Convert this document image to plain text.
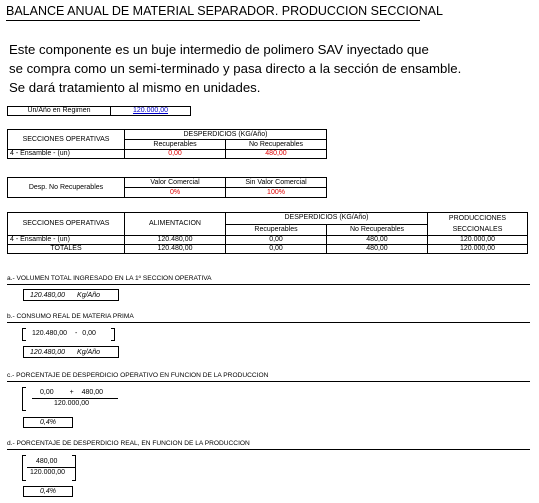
BALANCE ANUAL DE MATERIAL SEPARADOR. PRODUCCION SECCIONAL
Este componente es un buje intermedio de polimero SAV inyectado que
se compra como un semi-terminado y pasa directo a la sección de ensamble.
Se dará tratamiento al mismo en unidades.
Un/Año en Regimen	120.000,00
SECCIONES OPERATIVAS	DESPERDICIOS (KG/Año)	
	Recuperables	No Recuperables
4 - Ensamble - (un)	0,00	480,00
Desp. No Recuperables	Valor Comercial	Sin Valor Comercial
	0%	100%
SECCIONES OPERATIVAS	ALIMENTACION	DESPERDICIOS (KG/Año)		PRODUCCIONES
SECCIONALES

		Recuperables	No Recuperables	
4 - Ensamble - (un)	120.480,00	0,00	480,00	120.000,00
TOTALES	120.480,00	0,00	480,00	120.000,00
a.- VOLUMEN TOTAL INGRESADO EN LA 1º SECCION OPERATIVA
120.480,00 Kg/Año
b.- CONSUMO REAL DE MATERIA PRIMA
120.480,00 - 0,00
120.480,00 Kg/Año
c.- PORCENTAJE DE DESPERDICIO OPERATIVO EN FUNCION DE LA PRODUCCION
0,00 + 480,00
120.000,00
0,4%
d.- PORCENTAJE DE DESPERDICIO REAL, EN FUNCION DE LA PRODUCCION
480,00
120.000,00
0,4%
